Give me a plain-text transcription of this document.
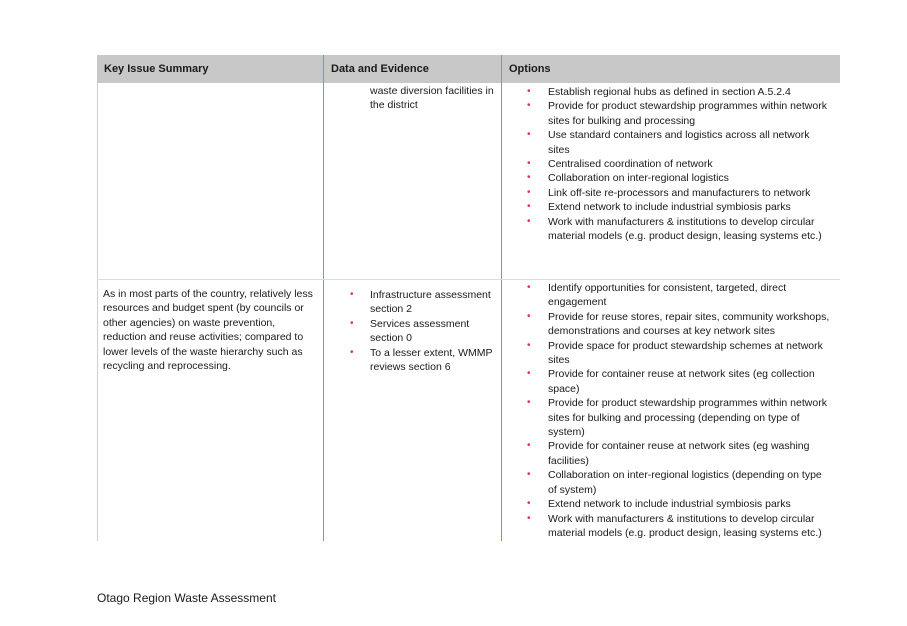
Key Issue Summary	Data and Evidence	Options
waste diversion facilities in the district
• Establish regional hubs as defined in section A.5.2.4
• Provide for product stewardship programmes within network sites for bulking and processing
• Use standard containers and logistics across all network sites
• Centralised coordination of network
• Collaboration on inter-regional logistics
• Link off-site re-processors and manufacturers to network
• Extend network to include industrial symbiosis parks
• Work with manufacturers & institutions to develop circular material models (e.g. product design, leasing systems etc.)
As in most parts of the country, relatively less resources and budget spent (by councils or other agencies) on waste prevention, reduction and reuse activities; compared to lower levels of the waste hierarchy such as recycling and reprocessing.
• Infrastructure assessment section 2
• Services assessment section 0
• To a lesser extent, WMMP reviews section 6
• Identify opportunities for consistent, targeted, direct engagement
• Provide for reuse stores, repair sites, community workshops, demonstrations and courses at key network sites
• Provide space for product stewardship schemes at network sites
• Provide for container reuse at network sites (eg collection space)
• Provide for product stewardship programmes within network sites for bulking and processing (depending on type of system)
• Provide for container reuse at network sites (eg washing facilities)
• Collaboration on inter-regional logistics (depending on type of system)
• Extend network to include industrial symbiosis parks
• Work with manufacturers & institutions to develop circular material models (e.g. product design, leasing systems etc.)
Otago Region Waste Assessment
